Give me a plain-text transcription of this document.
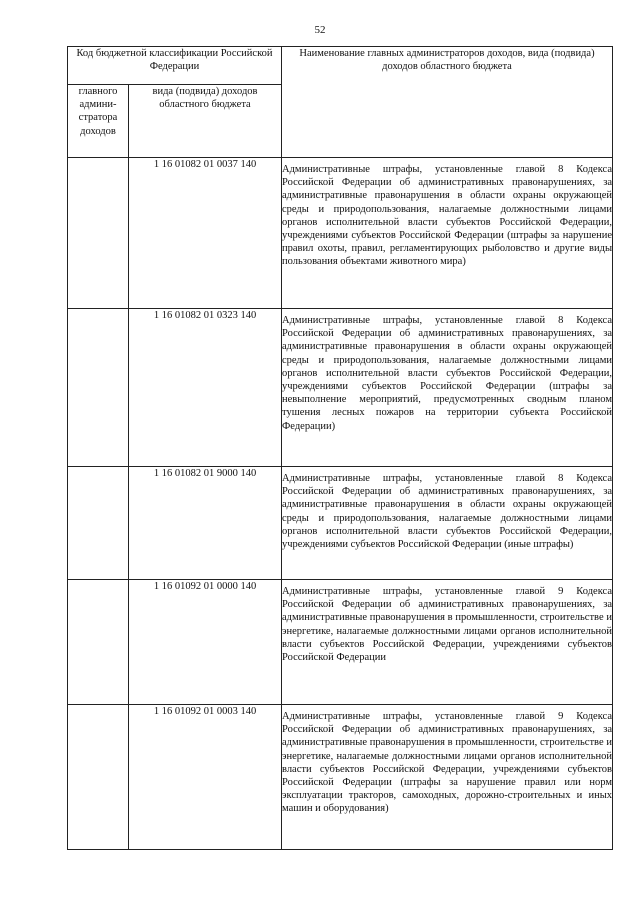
52
Код бюджетной классификации Российской Федерации		Наименование главных администраторов доходов, вида (подвида) доходов областного бюджета
главного админи-стратора доходов	вида (подвида) доходов областного бюджета	
	1 16 01082 01 0037 140	Административные штрафы, установленные главой 8 Кодекса Российской Федерации об административных правонарушениях, за административные правонарушения в области охраны окружающей среды и природопользования, налагаемые должностными лицами органов исполнительной власти субъектов Российской Федерации, учреждениями субъектов Российской Федерации (штрафы за нарушение правил охоты, правил, регламентирующих рыболовство и другие виды пользования объектами животного мира)

	1 16 01082 01 0323 140	Административные штрафы, установленные главой 8 Кодекса Российской Федерации об административных правонарушениях, за административные правонарушения в области охраны окружающей среды и природопользования, налагаемые должностными лицами органов исполнительной власти субъектов Российской Федерации, учреждениями субъектов Российской Федерации (штрафы за невыполнение мероприятий, предусмотренных сводным планом тушения лесных пожаров на территории субъекта Российской Федерации)

	1 16 01082 01 9000 140	Административные штрафы, установленные главой 8 Кодекса Российской Федерации об административных правонарушениях, за административные правонарушения в области охраны окружающей среды и природопользования, налагаемые должностными лицами органов исполнительной власти субъектов Российской Федерации, учреждениями субъектов Российской Федерации (иные штрафы)

	1 16 01092 01 0000 140	Административные штрафы, установленные главой 9 Кодекса Российской Федерации об административных правонарушениях, за административные правонарушения в промышленности, строительстве и энергетике, налагаемые должностными лицами органов исполнительной власти субъектов Российской Федерации, учреждениями субъектов Российской Федерации

	1 16 01092 01 0003 140	Административные штрафы, установленные главой 9 Кодекса Российской Федерации об административных правонарушениях, за административные правонарушения в промышленности, строительстве и энергетике, налагаемые должностными лицами органов исполнительной власти субъектов Российской Федерации, учреждениями субъектов Российской Федерации (штрафы за нарушение правил или норм эксплуатации тракторов, самоходных, дорожно-строительных и иных машин и оборудования)
